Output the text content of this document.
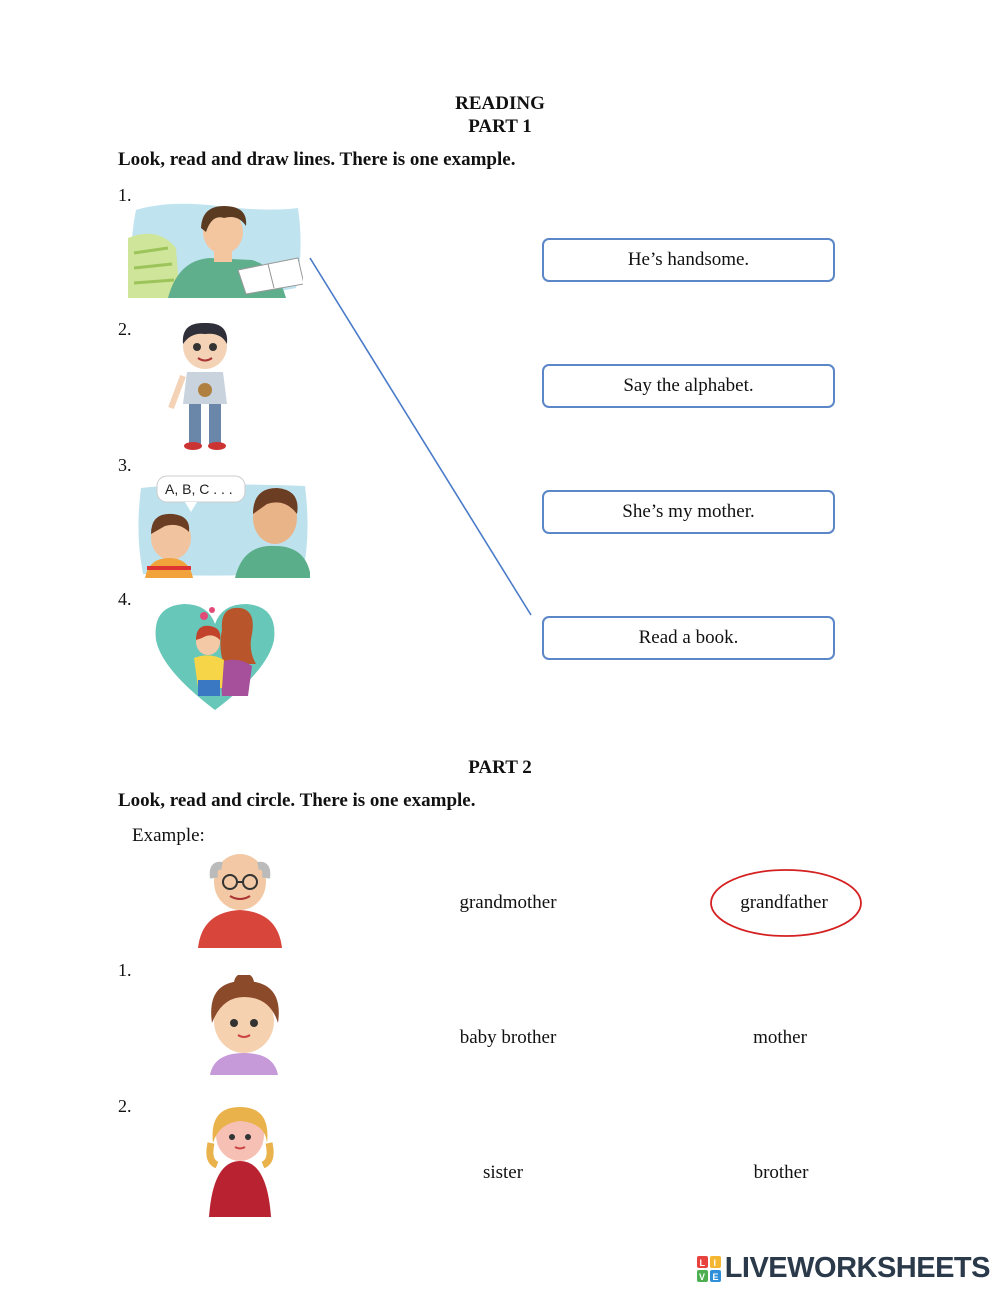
READING
PART 1
Look, read and draw lines. There is one example.
1.
2.
3.
4.
A, B, C . . .
He’s handsome.
Say the alphabet.
She’s my mother.
Read a book.
PART 2
Look, read and circle. There is one example.
Example:
1.
2.
grandmother	grandfather
baby brother	mother
sister	brother
L I
V E LIVEWORKSHEETS
